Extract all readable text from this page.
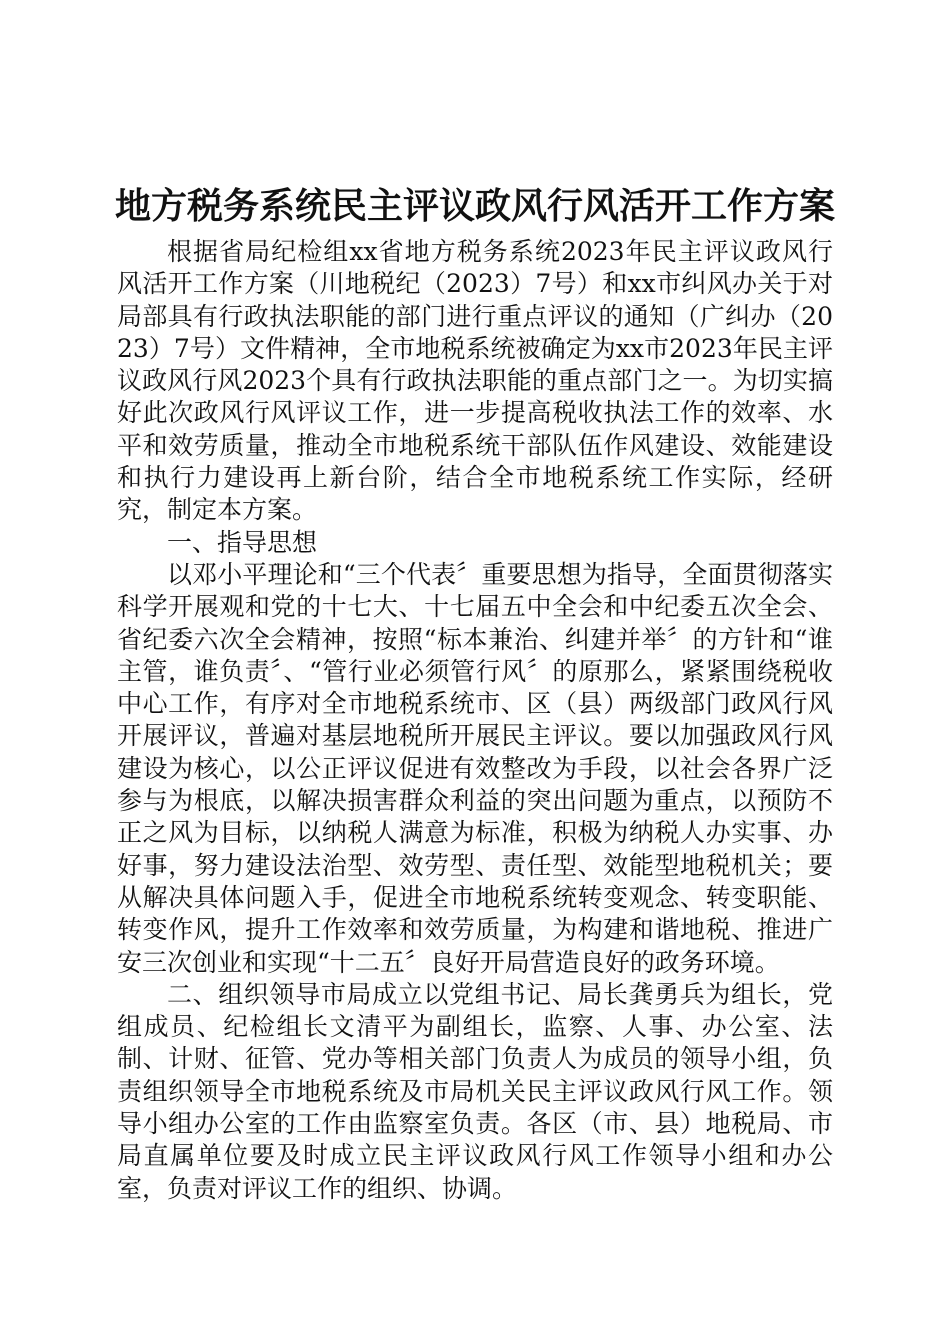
地方税务系统民主评议政风行风活开工作方案

根据省局纪检组xx省地方税务系统2023年民主评议政风行风活开工作方案（川地税纪（2023）7号）和xx市纠风办关于对局部具有行政执法职能的部门进行重点评议的通知（广纠办（2023）7号）文件精神，全市地税系统被确定为xx市2023年民主评议政风行风2023个具有行政执法职能的重点部门之一。为切实搞好此次政风行风评议工作，进一步提高税收执法工作的效率、水平和效劳质量，推动全市地税系统干部队伍作风建设、效能建设和执行力建设再上新台阶，结合全市地税系统工作实际，经研究，制定本方案。

一、指导思想

以邓小平理论和“三个代表〞重要思想为指导，全面贯彻落实科学开展观和党的十七大、十七届五中全会和中纪委五次全会、省纪委六次全会精神，按照“标本兼治、纠建并举〞的方针和“谁主管，谁负责〞、“管行业必须管行风〞的原那么，紧紧围绕税收中心工作，有序对全市地税系统市、区（县）两级部门政风行风开展评议，普遍对基层地税所开展民主评议。要以加强政风行风建设为核心，以公正评议促进有效整改为手段，以社会各界广泛参与为根底，以解决损害群众利益的突出问题为重点，以预防不正之风为目标，以纳税人满意为标准，积极为纳税人办实事、办好事，努力建设法治型、效劳型、责任型、效能型地税机关；要从解决具体问题入手，促进全市地税系统转变观念、转变职能、转变作风，提升工作效率和效劳质量，为构建和谐地税、推进广安三次创业和实现“十二五〞良好开局营造良好的政务环境。

二、组织领导市局成立以党组书记、局长龚勇兵为组长，党组成员、纪检组长文清平为副组长，监察、人事、办公室、法制、计财、征管、党办等相关部门负责人为成员的领导小组，负责组织领导全市地税系统及市局机关民主评议政风行风工作。领导小组办公室的工作由监察室负责。各区（市、县）地税局、市局直属单位要及时成立民主评议政风行风工作领导小组和办公室，负责对评议工作的组织、协调。
